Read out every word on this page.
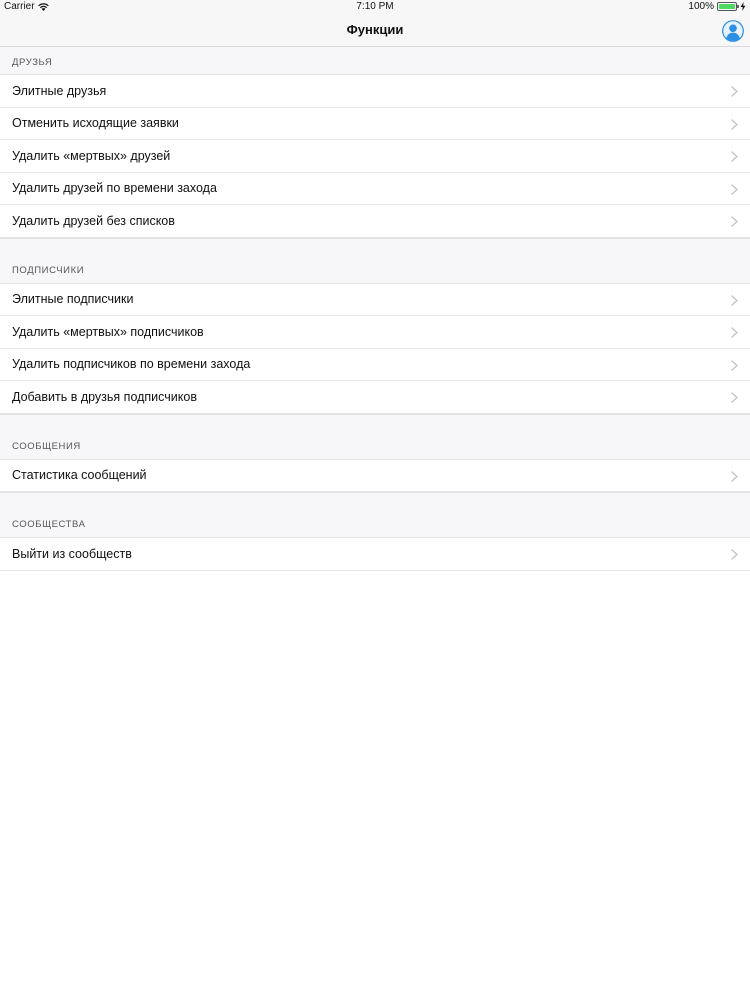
Carrier	7:10 PM	100%
Функции
ДРУЗЬЯ
Элитные друзья
Отменить исходящие заявки
Удалить «мертвых» друзей
Удалить друзей по времени захода
Удалить друзей без списков
ПОДПИСЧИКИ
Элитные подписчики
Удалить «мертвых» подписчиков
Удалить подписчиков по времени захода
Добавить в друзья подписчиков
СООБЩЕНИЯ
Статистика сообщений
СООБЩЕСТВА
Выйти из сообществ
